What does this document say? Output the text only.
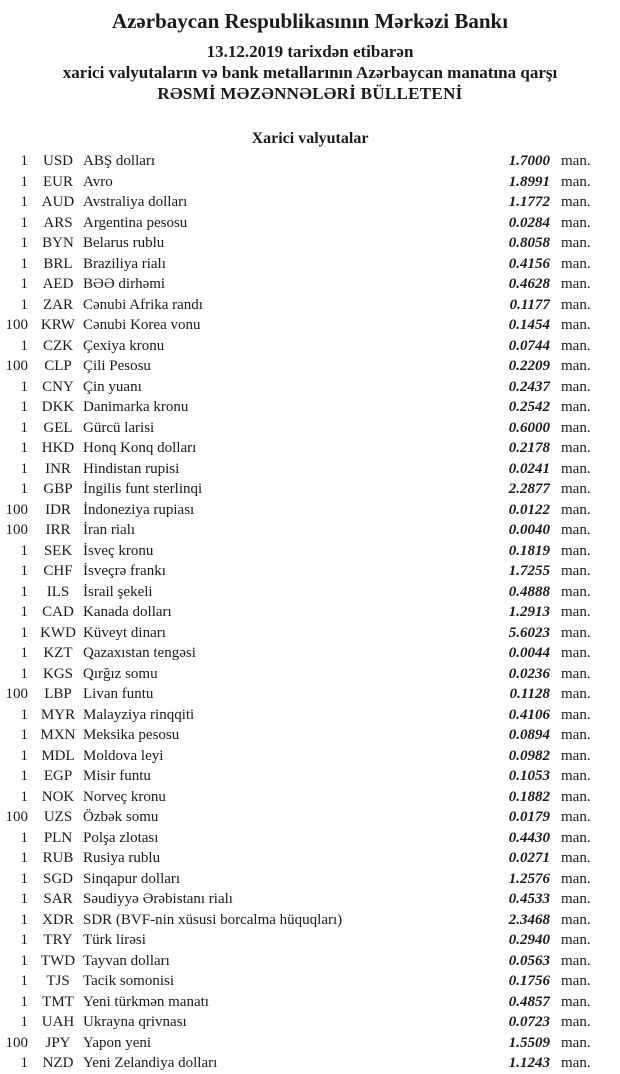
Azərbaycan Respublikasının Mərkəzi Bankı
13.12.2019 tarixdən etibarən
xarici valyutaların və bank metallarının Azərbaycan manatına qarşı
RƏSMİ MƏZƏNNƏLƏRİ BÜLLETENİ
Xarici valyutalar
1 USD ABŞ dolları	1.7000 man.
1	EUR Avro	1.8991 man.
1 AUD Avstraliya dolları	1.1772 man.
1	ARS Argentina pesosu	0.0284 man.
1 BYN Belarus rublu	0.8058 man.
1	BRL Braziliya rialı	0.4156 man.
1 AED BƏƏ dirhəmi	0.4628 man.
1	ZAR Cənubi Afrika randı	0.1177 man.
100 KRW Cənubi Korea vonu	0.1454 man.
1	CZK Çexiya kronu	0.0744 man.
100	CLP Çili Pesosu	0.2209 man.
1 CNY Çin yuanı	0.2437 man.
1 DKK Danimarka kronu	0.2542 man.
1	GEL Gürcü larisi	0.6000 man.
1 HKD Honq Konq dolları	0.2178 man.
1	INR Hindistan rupisi	0.0241 man.
1	GBP İngilis funt sterlinqi	2.2877 man.
100	IDR İndoneziya rupiası	0.0122 man.
100	IRR İran rialı	0.0040 man.
1	SEK İsveç kronu	0.1819 man.
1	CHF İsveçrə frankı	1.7255 man.
1	ILS İsrail şekeli	0.4888 man.
1 CAD Kanada dolları	1.2913 man.
1 KWD Küveyt dinarı	5.6023 man.
1	KZT Qazaxıstan tengəsi	0.0044 man.
1 KGS Qırğız somu	0.0236 man.
100	LBP Livan funtu	0.1128 man.
1 MYR Malayziya rinqqiti	0.4106 man.
1 MXN Meksika pesosu	0.0894 man.
1 MDL Moldova leyi	0.0982 man.
1	EGP Misir funtu	0.1053 man.
1 NOK Norveç kronu	0.1882 man.
100	UZS Özbək somu	0.0179 man.
1	PLN Polşa zlotası	0.4430 man.
1 RUB Rusiya rublu	0.0271 man.
1 SGD Sinqapur dolları	1.2576 man.
1	SAR Səudiyyə Ərəbistanı rialı	0.4533 man.
1 XDR SDR (BVF-nin xüsusi borcalma hüquqları)	2.3468 man.
1	TRY Türk lirəsi	0.2940 man.
1 TWD Tayvan dolları	0.0563 man.
1	TJS Tacik somonisi	0.1756 man.
1 TMT Yeni türkmən manatı	0.4857 man.
1 UAH Ukrayna qrivnası	0.0723 man.
100	JPY Yapon yeni	1.5509 man.
1 NZD Yeni Zelandiya dolları	1.1243 man.
